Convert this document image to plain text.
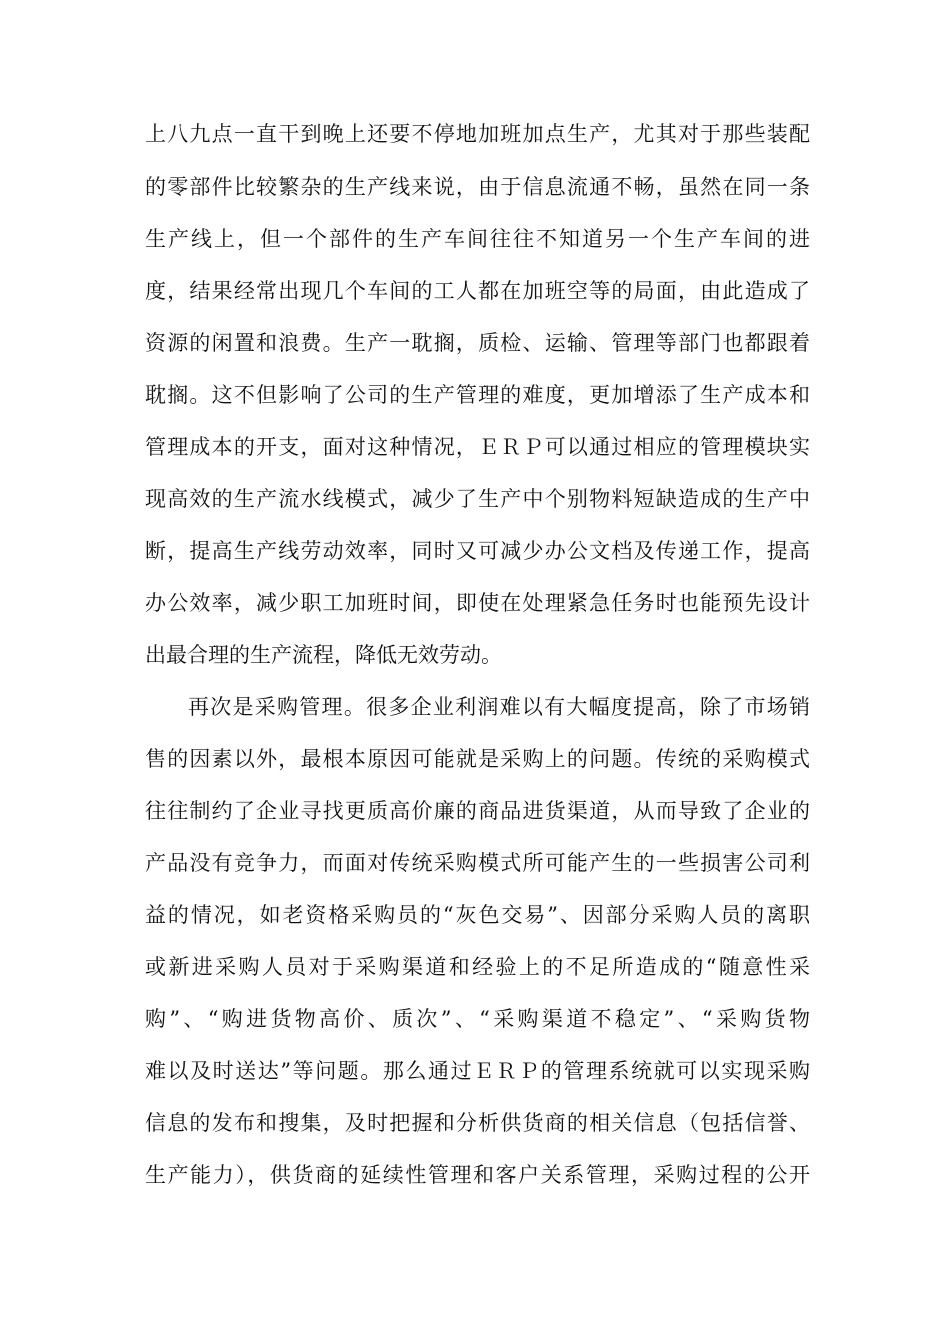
上八九点一直干到晚上还要不停地加班加点生产，尤其对于那些装配
的零部件比较繁杂的生产线来说，由于信息流通不畅，虽然在同一条
生产线上，但一个部件的生产车间往往不知道另一个生产车间的进
度，结果经常出现几个车间的工人都在加班空等的局面，由此造成了
资源的闲置和浪费。生产一耽搁，质检、运输、管理等部门也都跟着
耽搁。这不但影响了公司的生产管理的难度，更加增添了生产成本和
管理成本的开支，面对这种情况，ＥＲＰ可以通过相应的管理模块实
现高效的生产流水线模式，减少了生产中个别物料短缺造成的生产中
断，提高生产线劳动效率，同时又可减少办公文档及传递工作，提高
办公效率，减少职工加班时间，即使在处理紧急任务时也能预先设计
出最合理的生产流程，降低无效劳动。
再次是采购管理。很多企业利润难以有大幅度提高，除了市场销
售的因素以外，最根本原因可能就是采购上的问题。传统的采购模式
往往制约了企业寻找更质高价廉的商品进货渠道，从而导致了企业的
产品没有竞争力，而面对传统采购模式所可能产生的一些损害公司利
益的情况，如老资格采购员的“灰色交易”、因部分采购人员的离职
或新进采购人员对于采购渠道和经验上的不足所造成的“随意性采
购”、“购进货物高价、质次”、“采购渠道不稳定”、“采购货物
难以及时送达”等问题。那么通过ＥＲＰ的管理系统就可以实现采购
信息的发布和搜集，及时把握和分析供货商的相关信息（包括信誉、
生产能力），供货商的延续性管理和客户关系管理，采购过程的公开
